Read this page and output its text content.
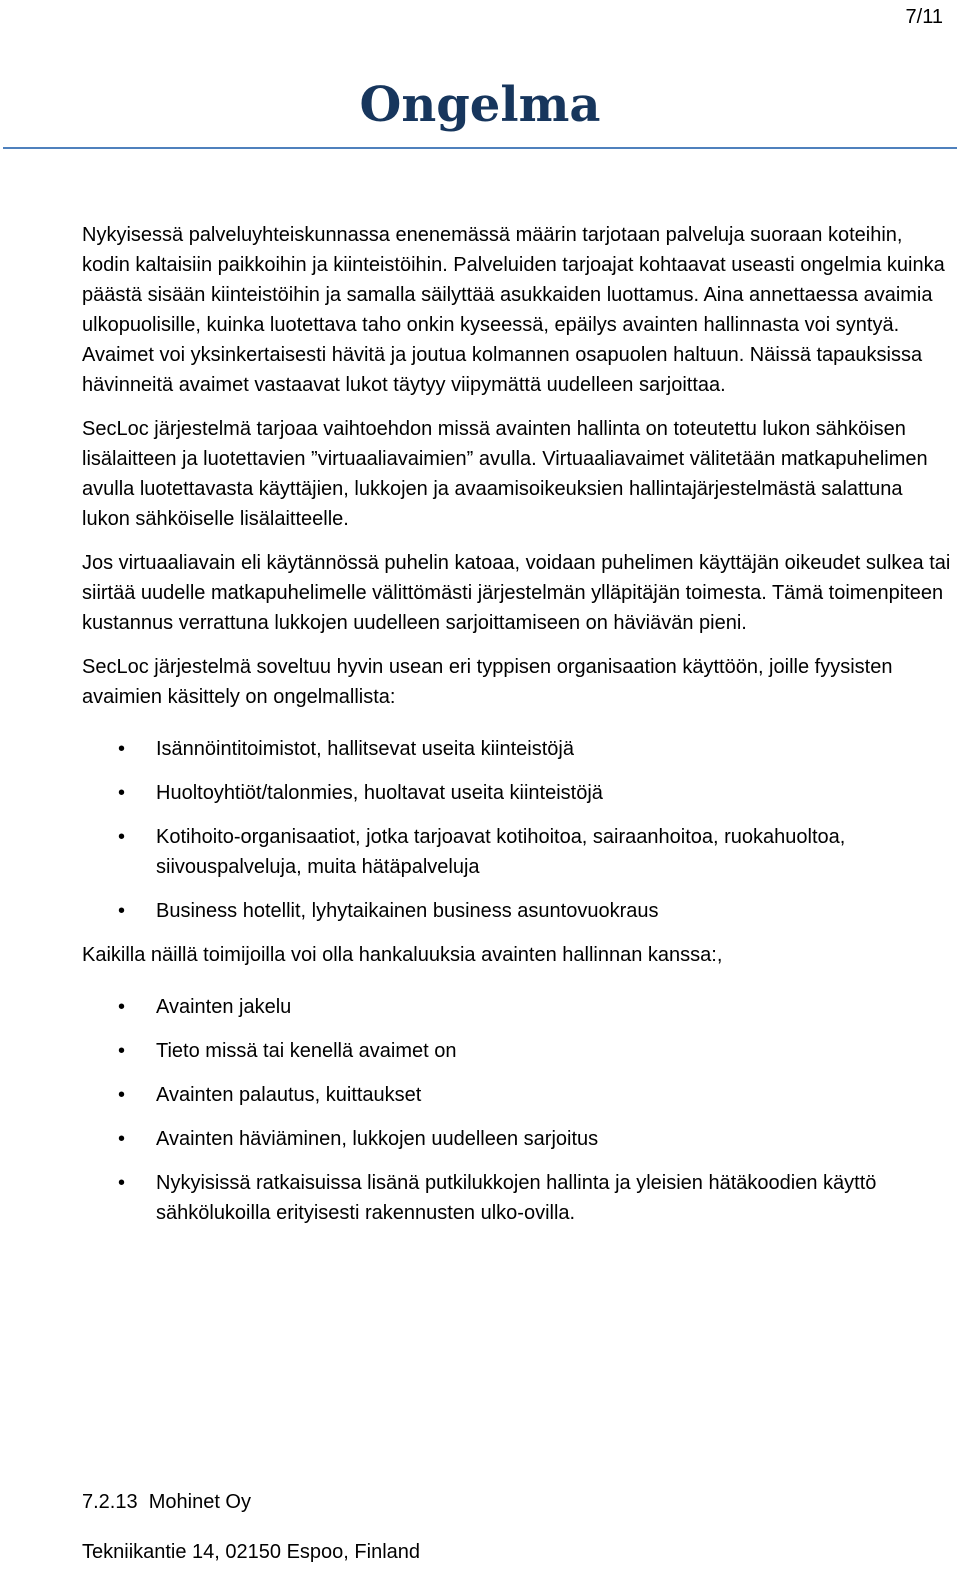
7/11
Ongelma

Nykyisessä palveluyhteiskunnassa enenemässä määrin tarjotaan palveluja suoraan koteihin, kodin kaltaisiin paikkoihin ja kiinteistöihin. Palveluiden tarjoajat kohtaavat useasti ongelmia kuinka päästä sisään kiinteistöihin ja samalla säilyttää asukkaiden luottamus. Aina annettaessa avaimia ulkopuolisille, kuinka luotettava taho onkin kyseessä, epäilys avainten hallinnasta voi syntyä. Avaimet voi yksinkertaisesti hävitä ja joutua kolmannen osapuolen haltuun. Näissä tapauksissa hävinneitä avaimet vastaavat lukot täytyy viipymättä uudelleen sarjoittaa.

SecLoc järjestelmä tarjoaa vaihtoehdon missä avainten hallinta on toteutettu lukon sähköisen lisälaitteen ja luotettavien ”virtuaaliavaimien” avulla. Virtuaaliavaimet välitetään matkapuhelimen avulla luotettavasta käyttäjien, lukkojen ja avaamisoikeuksien hallintajärjestelmästä salattuna lukon sähköiselle lisälaitteelle.

Jos virtuaaliavain eli käytännössä puhelin katoaa, voidaan puhelimen käyttäjän oikeudet sulkea tai siirtää uudelle matkapuhelimelle välittömästi järjestelmän ylläpitäjän toimesta. Tämä toimenpiteen kustannus verrattuna lukkojen uudelleen sarjoittamiseen on häviävän pieni.

SecLoc järjestelmä soveltuu hyvin usean eri typpisen organisaation käyttöön, joille fyysisten avaimien käsittely on ongelmallista:

• Isännöintitoimistot, hallitsevat useita kiinteistöjä
• Huoltoyhtiöt/talonmies, huoltavat useita kiinteistöjä
• Kotihoito-organisaatiot, jotka tarjoavat kotihoitoa, sairaanhoitoa, ruokahuoltoa, siivouspalveluja, muita hätäpalveluja
• Business hotellit, lyhytaikainen business asuntovuokraus

Kaikilla näillä toimijoilla voi olla hankaluuksia avainten hallinnan kanssa:,

• Avainten jakelu
• Tieto missä tai kenellä avaimet on
• Avainten palautus, kuittaukset
• Avainten häviäminen, lukkojen uudelleen sarjoitus
• Nykyisissä ratkaisuissa lisänä putkilukkojen hallinta ja yleisien hätäkoodien käyttö sähkölukoilla erityisesti rakennusten ulko-ovilla.
7.2.13  Mohinet Oy
Tekniikantie 14, 02150 Espoo, Finland
